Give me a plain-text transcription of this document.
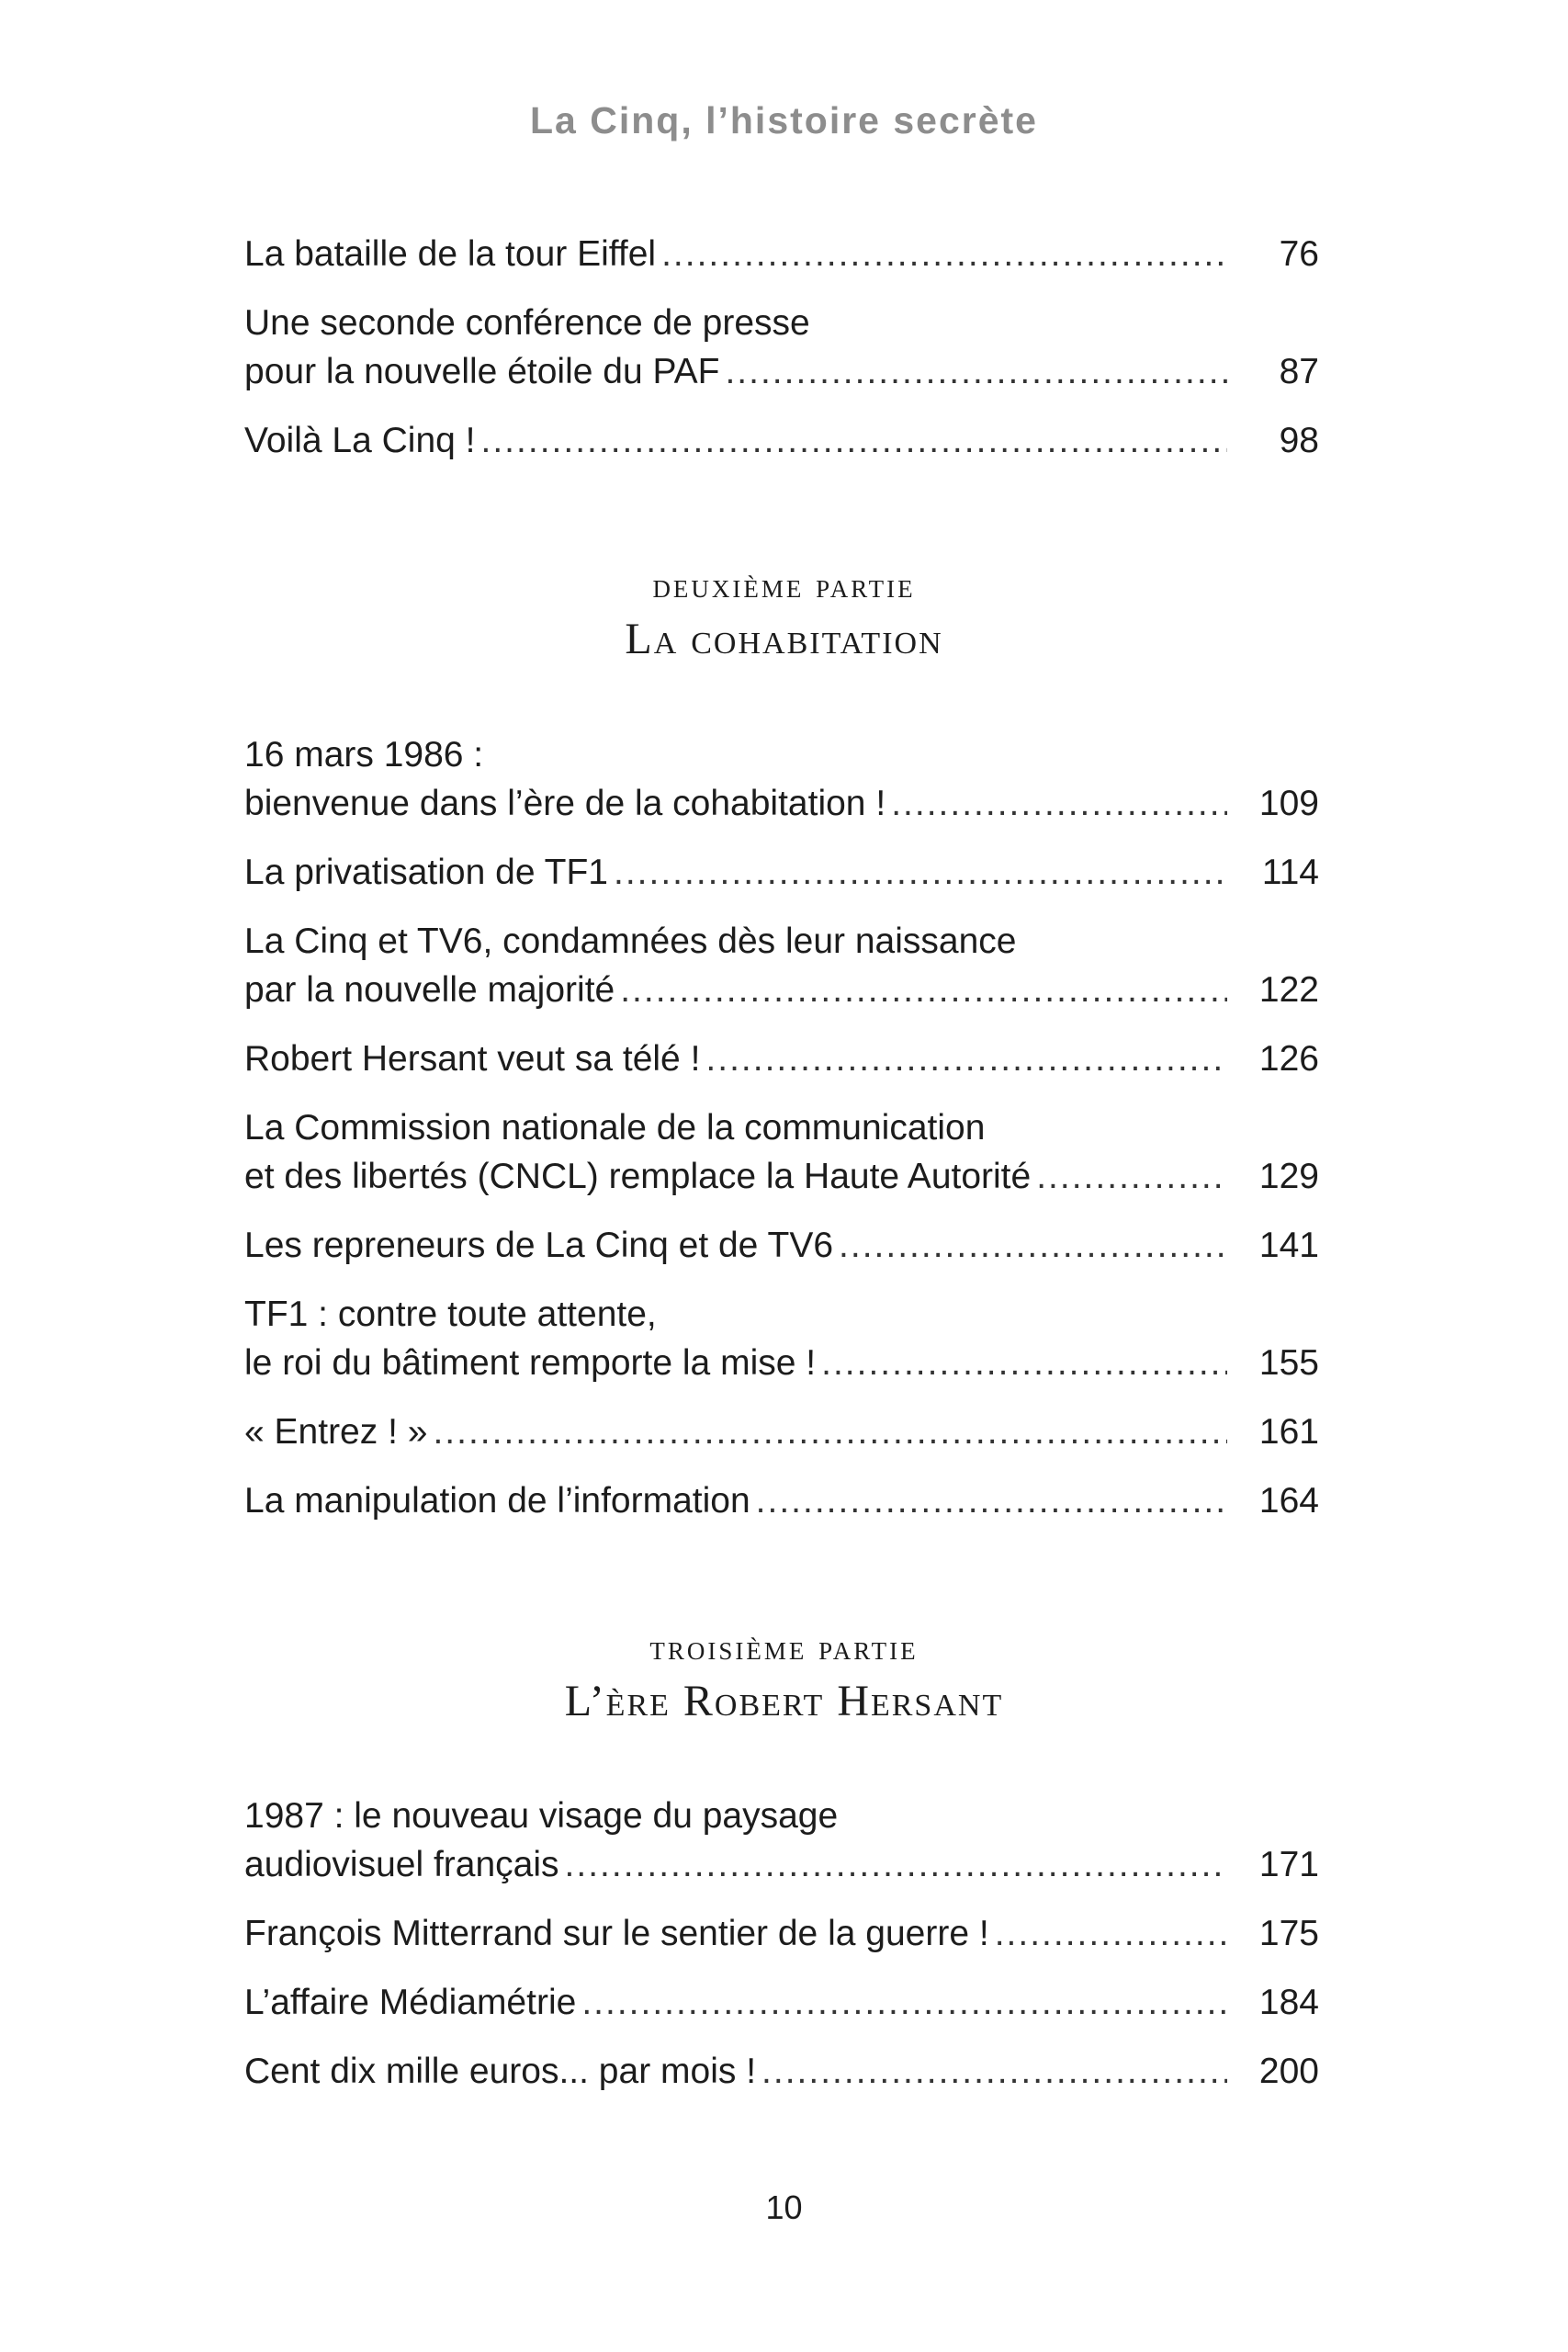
La Cinq, l’histoire secrète
La bataille de la tour Eiffel .....	76
Une seconde conférence de presse
pour la nouvelle étoile du PAF .....	87
Voilà La Cinq ! .....	98
deuxième partie
La cohabitation
16 mars 1986 :
bienvenue dans l’ère de la cohabitation ! .....	109
La privatisation de TF1 .....	114
La Cinq et TV6, condamnées dès leur naissance
par la nouvelle majorité .....	122
Robert Hersant veut sa télé ! .....	126
La Commission nationale de la communication
et des libertés (CNCL) remplace la Haute Autorité .....	129
Les repreneurs de La Cinq et de TV6 .....	141
TF1 : contre toute attente,
le roi du bâtiment remporte la mise ! .....	155
« Entrez ! » .....	161
La manipulation de l’information .....	164
troisième partie
L’ère Robert Hersant
1987 : le nouveau visage du paysage
audiovisuel français .....	171
François Mitterrand sur le sentier de la guerre ! .....	175
L’affaire Médiamétrie .....	184
Cent dix mille euros... par mois ! .....	200
10
